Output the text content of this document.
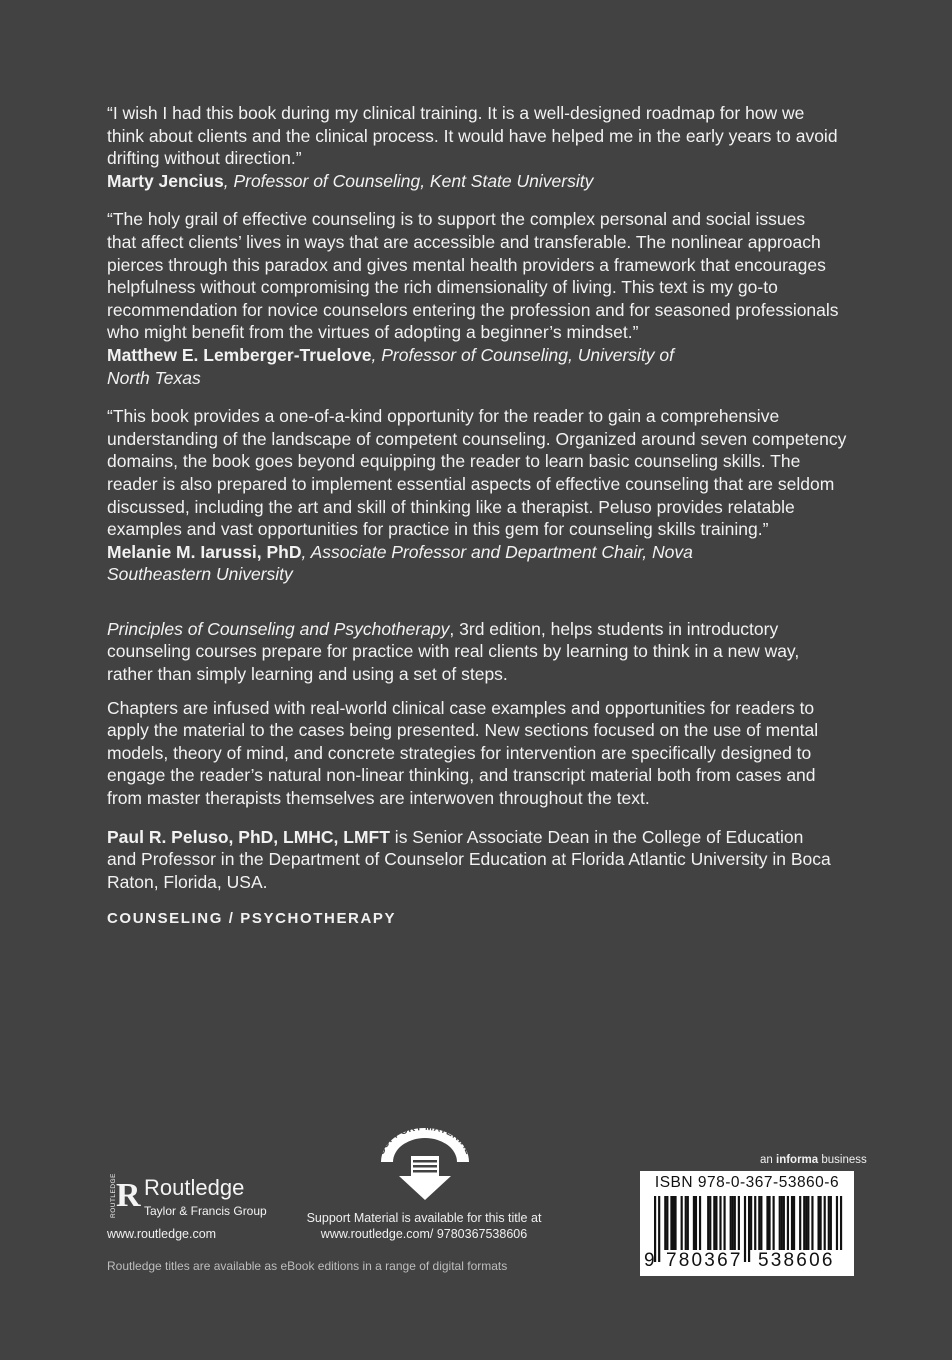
“I wish I had this book during my clinical training. It is a well-designed roadmap for how we
think about clients and the clinical process. It would have helped me in the early years to avoid
drifting without direction.”

Marty Jencius, Professor of Counseling, Kent State University

“The holy grail of effective counseling is to support the complex personal and social issues
that affect clients’ lives in ways that are accessible and transferable. The nonlinear approach
pierces through this paradox and gives mental health providers a framework that encourages
helpfulness without compromising the rich dimensionality of living. This text is my go-to
recommendation for novice counselors entering the profession and for seasoned professionals
who might benefit from the virtues of adopting a beginner’s mindset.”

Matthew E. Lemberger-Truelove, Professor of Counseling, University of
North Texas

“This book provides a one-of-a-kind opportunity for the reader to gain a comprehensive
understanding of the landscape of competent counseling. Organized around seven competency
domains, the book goes beyond equipping the reader to learn basic counseling skills. The
reader is also prepared to implement essential aspects of effective counseling that are seldom
discussed, including the art and skill of thinking like a therapist. Peluso provides relatable
examples and vast opportunities for practice in this gem for counseling skills training.”

Melanie M. Iarussi, PhD, Associate Professor and Department Chair, Nova
Southeastern University

Principles of Counseling and Psychotherapy, 3rd edition, helps students in introductory
counseling courses prepare for practice with real clients by learning to think in a new way,
rather than simply learning and using a set of steps.

Chapters are infused with real-world clinical case examples and opportunities for readers to
apply the material to the cases being presented. New sections focused on the use of mental
models, theory of mind, and concrete strategies for intervention are specifically designed to
engage the reader’s natural non-linear thinking, and transcript material both from cases and
from master therapists themselves are interwoven throughout the text.

Paul R. Peluso, PhD, LMHC, LMFT is Senior Associate Dean in the College of Education
and Professor in the Department of Counselor Education at Florida Atlantic University in Boca
Raton, Florida, USA.

COUNSELING / PSYCHOTHERAPY
ROUTLEDGE R Routledge
Taylor & Francis Group
www.routledge.com
SUPPORT MATERIAL
Support Material is available for this title at
www.routledge.com/ 9780367538606
an informa business
ISBN 978-0-367-53860-6
9 780367 538606
Routledge titles are available as eBook editions in a range of digital formats
